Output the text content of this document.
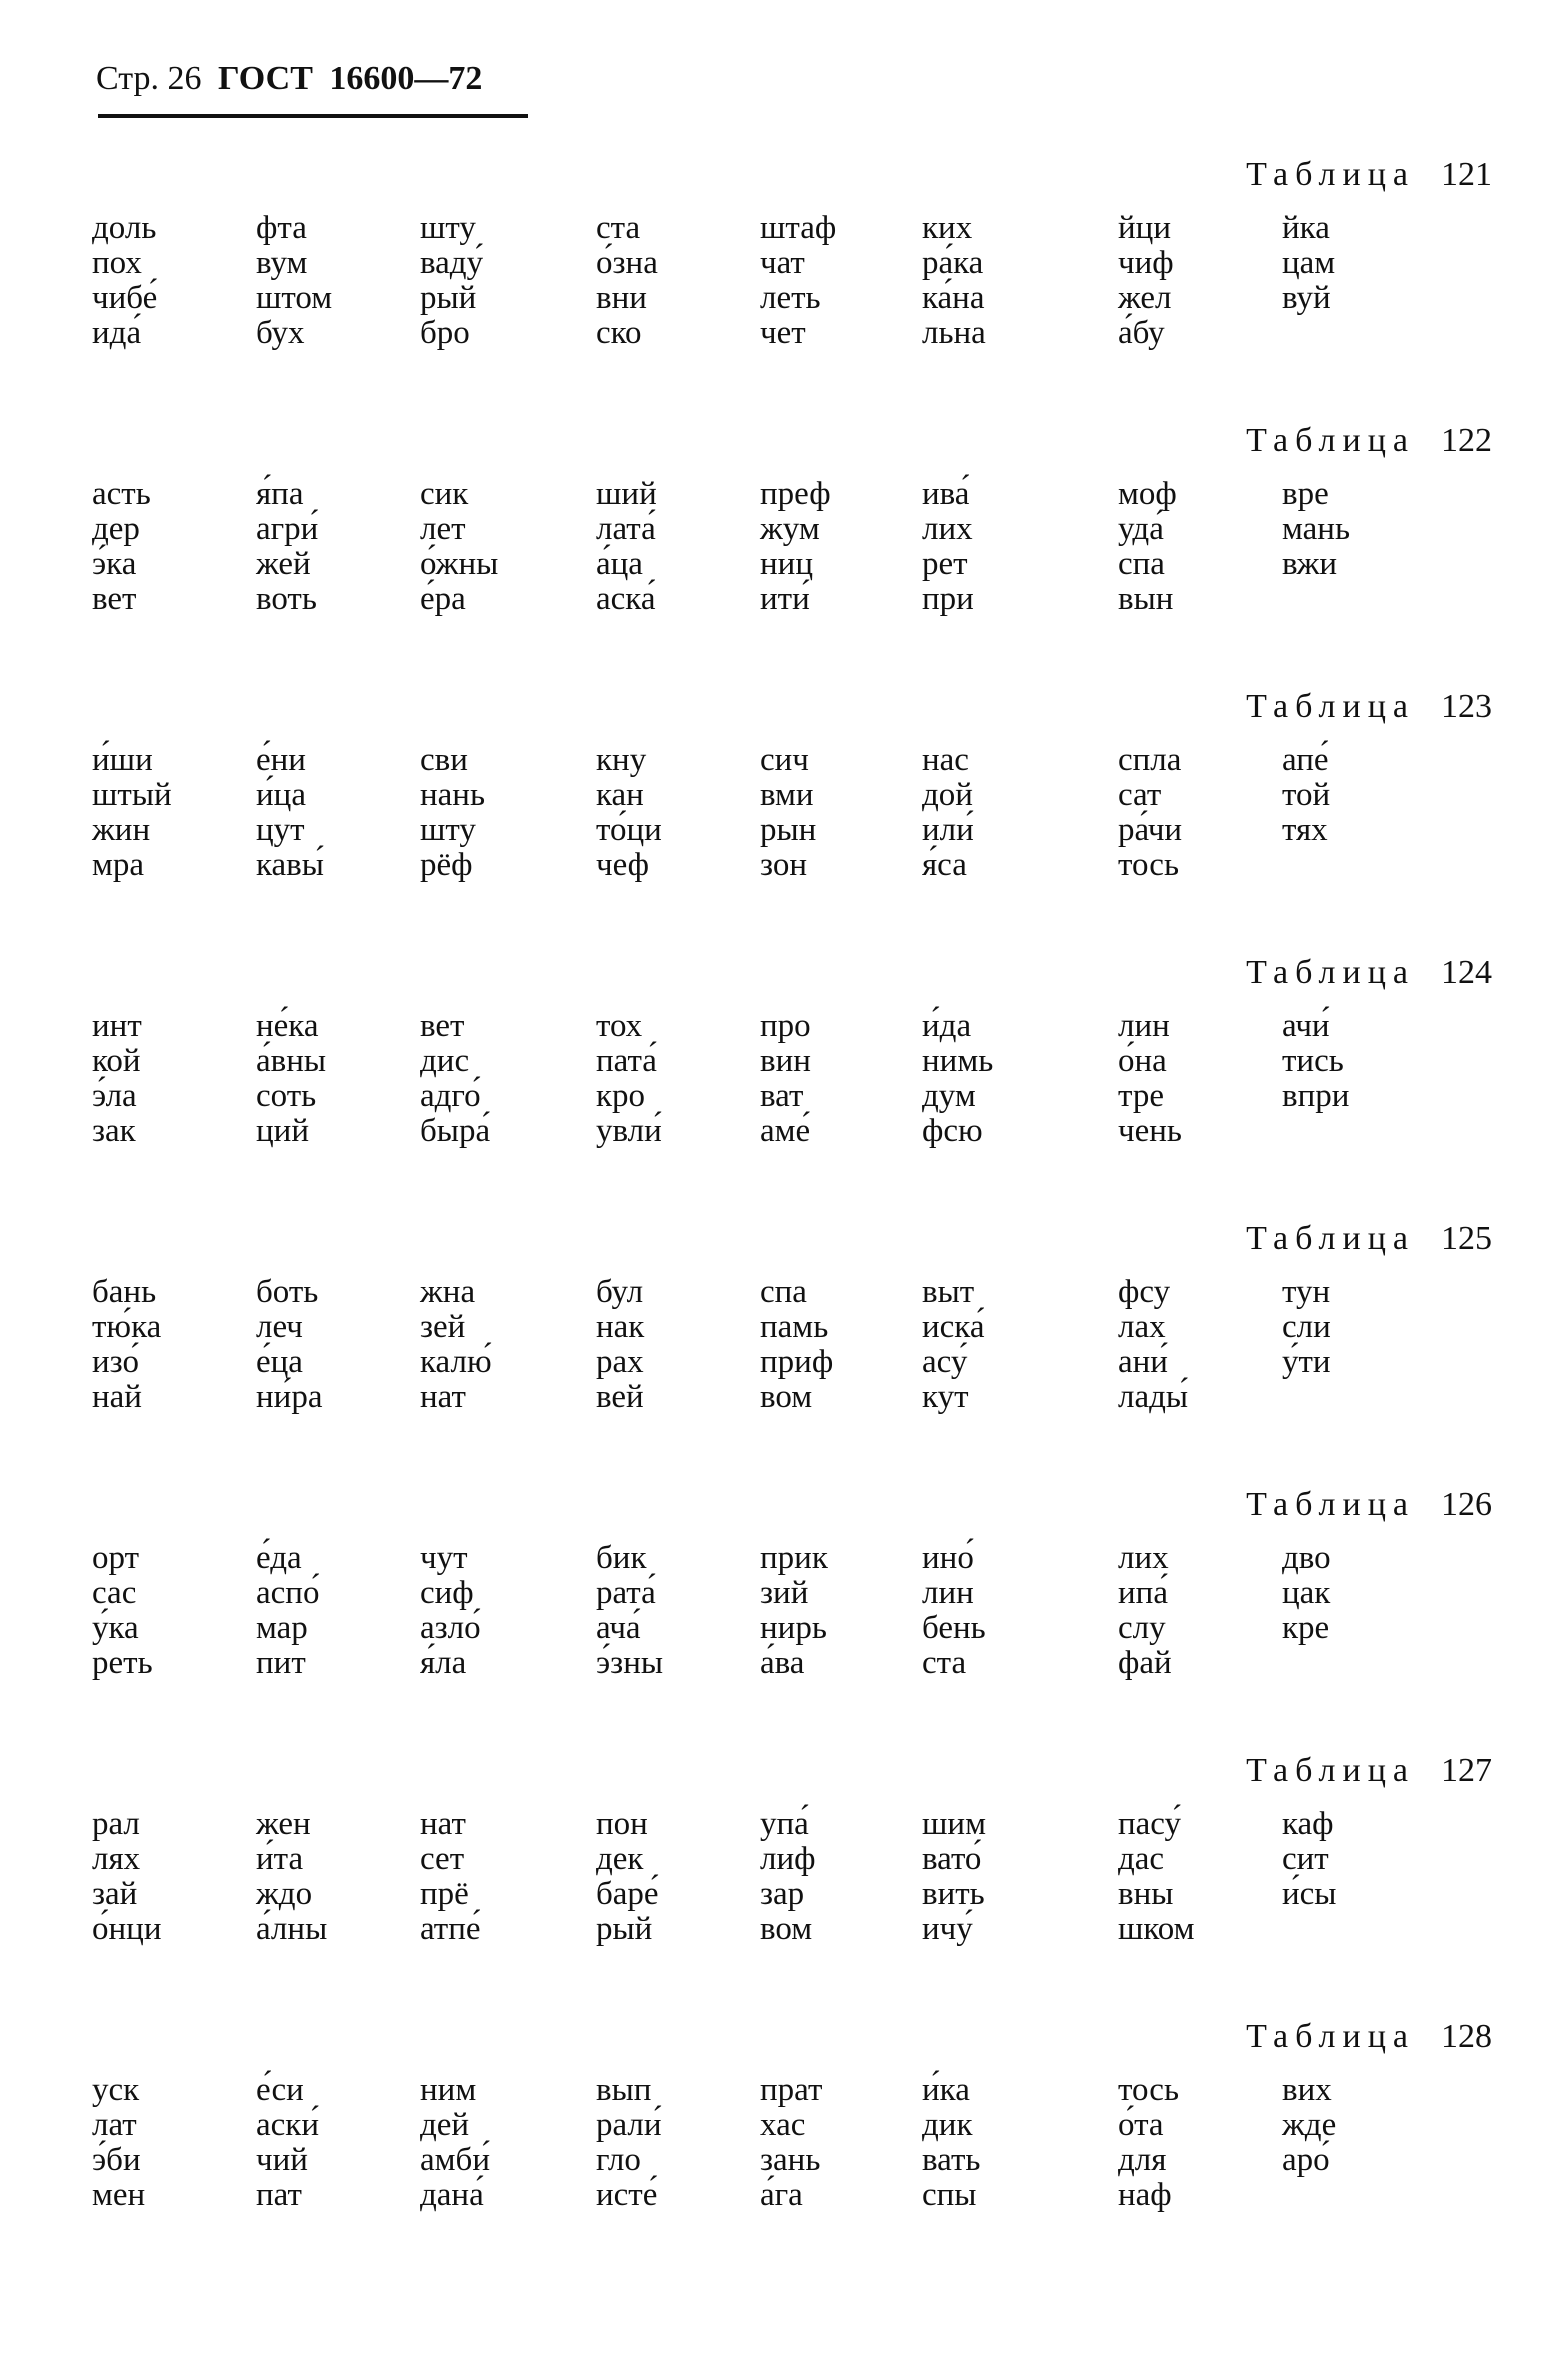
Стр. 26 ГОСТ 16600—72
Таблица 121
доль	фта	шту	ста	штаф	ких	йци	йка
пох	вум	ваду́	о́зна	чат	ра́ка	чиф	цам
чибе́	штом	рый	вни	леть	ка́на	жел	вуй
ида́	бух	бро	ско	чет	льна	а́бу
Таблица 122
асть	я́па	сик	ший	преф	ива́	моф	вре
дер	агри́	лет	лата́	жум	лих	уда́	мань
э́ка	жей	о́жны	а́ца	ниц	рет	спа	вжи
вет	воть	е́ра	аска́	ити́	при	вын
Таблица 123
и́ши	е́ни	сви	кну	сич	нас	спла	апе́
штый	и́ца	нань	кан	вми	дой	сат	той
жин	цут	шту	то́ци	рын	или́	ра́чи	тях
мра	кавы́	рёф	чеф	зон	я́са	тось
Таблица 124
инт	не́ка	вет	тох	про	и́да	лин	ачи́
кой	а́вны	дис	пата́	вин	нимь	о́на	тись
э́ла	соть	адго́	кро	ват	дум	тре	впри
зак	ций	быра́	увли́	аме́	фсю	чень
Таблица 125
бань	боть	жна	бул	спа	выт	фсу	тун
тю́ка	леч	зей	нак	памь	иска́	лах	сли
изо́	е́ца	калю́	рах	приф	асу́	ани́	у́ти
най	ни́ра	нат	вей	вом	кут	лады́
Таблица 126
орт	е́да	чут	бик	прик	ино́	лих	дво
сас	аспо́	сиф	рата́	зий	лин	ипа́	цак
у́ка	мар	азло́	ача́	нирь	бень	слу	кре
реть	пит	я́ла	э́зны	а́ва	ста	фай
Таблица 127
рал	жен	нат	пон	упа́	шим	пасу́	каф
лях	и́та	сет	дек	лиф	вато́	дас	сит
зай	ждо	прё	баре́	зар	вить	вны	и́сы
о́нци	а́лны	атпе́	рый	вом	ичу́	шком
Таблица 128
уск	е́си	ним	вып	прат	и́ка	тось	вих
лат	аски́	дей	рали́	хас	дик	о́та	жде
э́би	чий	амби́	гло	зань	вать	для	аро́
мен	пат	дана́	исте́	а́га	спы	наф
